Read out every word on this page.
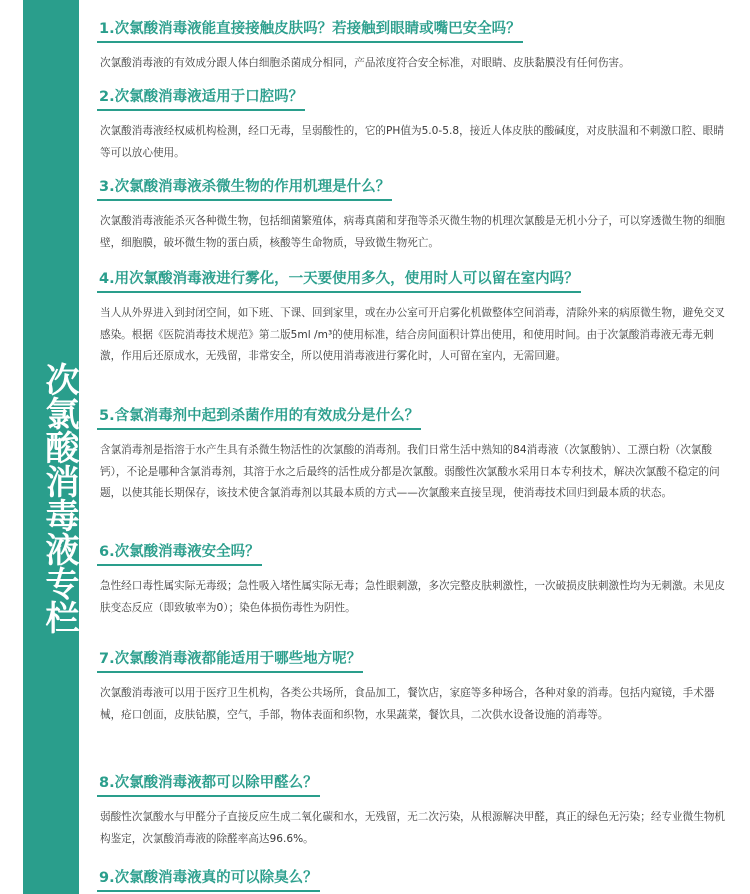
次氯酸消毒液专栏
1.次氯酸消毒液能直接接触皮肤吗？若接触到眼睛或嘴巴安全吗？
次氯酸消毒液的有效成分跟人体白细胞杀菌成分相同，产品浓度符合安全标准，对眼睛、皮肤黏膜没有任何伤害。
2.次氯酸消毒液适用于口腔吗？
次氯酸消毒液经权威机构检测，经口无毒，呈弱酸性的，它的PH值为5.0-5.8，接近人体皮肤的酸碱度，对皮肤温和不刺激口腔、眼睛等可以放心使用。
3.次氯酸消毒液杀微生物的作用机理是什么？
次氯酸消毒液能杀灭各种微生物，包括细菌繁殖体，病毒真菌和芽孢等杀灭微生物的机理次氯酸是无机小分子，可以穿透微生物的细胞壁，细胞膜，破坏微生物的蛋白质，核酸等生命物质，导致微生物死亡。
4.用次氯酸消毒液进行雾化，一天要使用多久，使用时人可以留在室内吗？
当人从外界进入到封闭空间，如下班、下课、回到家里，或在办公室可开启雾化机做整体空间消毒，清除外来的病原微生物，避免交叉感染。根据《医院消毒技术规范》第二版5ml /m³的使用标准，结合房间面积计算出使用，和使用时间。由于次氯酸消毒液无毒无刺激，作用后还原成水，无残留，非常安全，所以使用消毒液进行雾化时，人可留在室内，无需回避。
5.含氯消毒剂中起到杀菌作用的有效成分是什么？
含氯消毒剂是指溶于水产生具有杀微生物活性的次氯酸的消毒剂。我们日常生活中熟知的84消毒液（次氯酸钠）、工漂白粉（次氯酸钙），不论是哪种含氯消毒剂，其溶于水之后最终的活性成分都是次氯酸。弱酸性次氯酸水采用日本专利技术，解决次氯酸不稳定的问题，以使其能长期保存，该技术使含氯消毒剂以其最本质的方式——次氯酸来直接呈现，使消毒技术回归到最本质的状态。
6.次氯酸消毒液安全吗？
急性经口毒性属实际无毒级；急性吸入堵性属实际无毒；急性眼刺激，多次完整皮肤刺激性，一次破损皮肤刺激性均为无刺激。未见皮肤变态反应（即致敏率为0）；染色体损伤毒性为阴性。
7.次氯酸消毒液都能适用于哪些地方呢？
次氯酸消毒液可以用于医疗卫生机构，各类公共场所，食品加工，餐饮店，家庭等多种场合，各种对象的消毒。包括内窥镜，手术器械，疮口创面，皮肤钻膜，空气，手部，物体表面和织物，水果蔬菜，餐饮具，二次供水设备设施的消毒等。
8.次氯酸消毒液都可以除甲醛么？
弱酸性次氯酸水与甲醛分子直接反应生成二氧化碳和水，无残留，无二次污染，从根源解决甲醛，真正的绿色无污染；经专业微生物机构鉴定，次氯酸消毒液的除醛率高达96.6%。
9.次氯酸消毒液真的可以除臭么？
